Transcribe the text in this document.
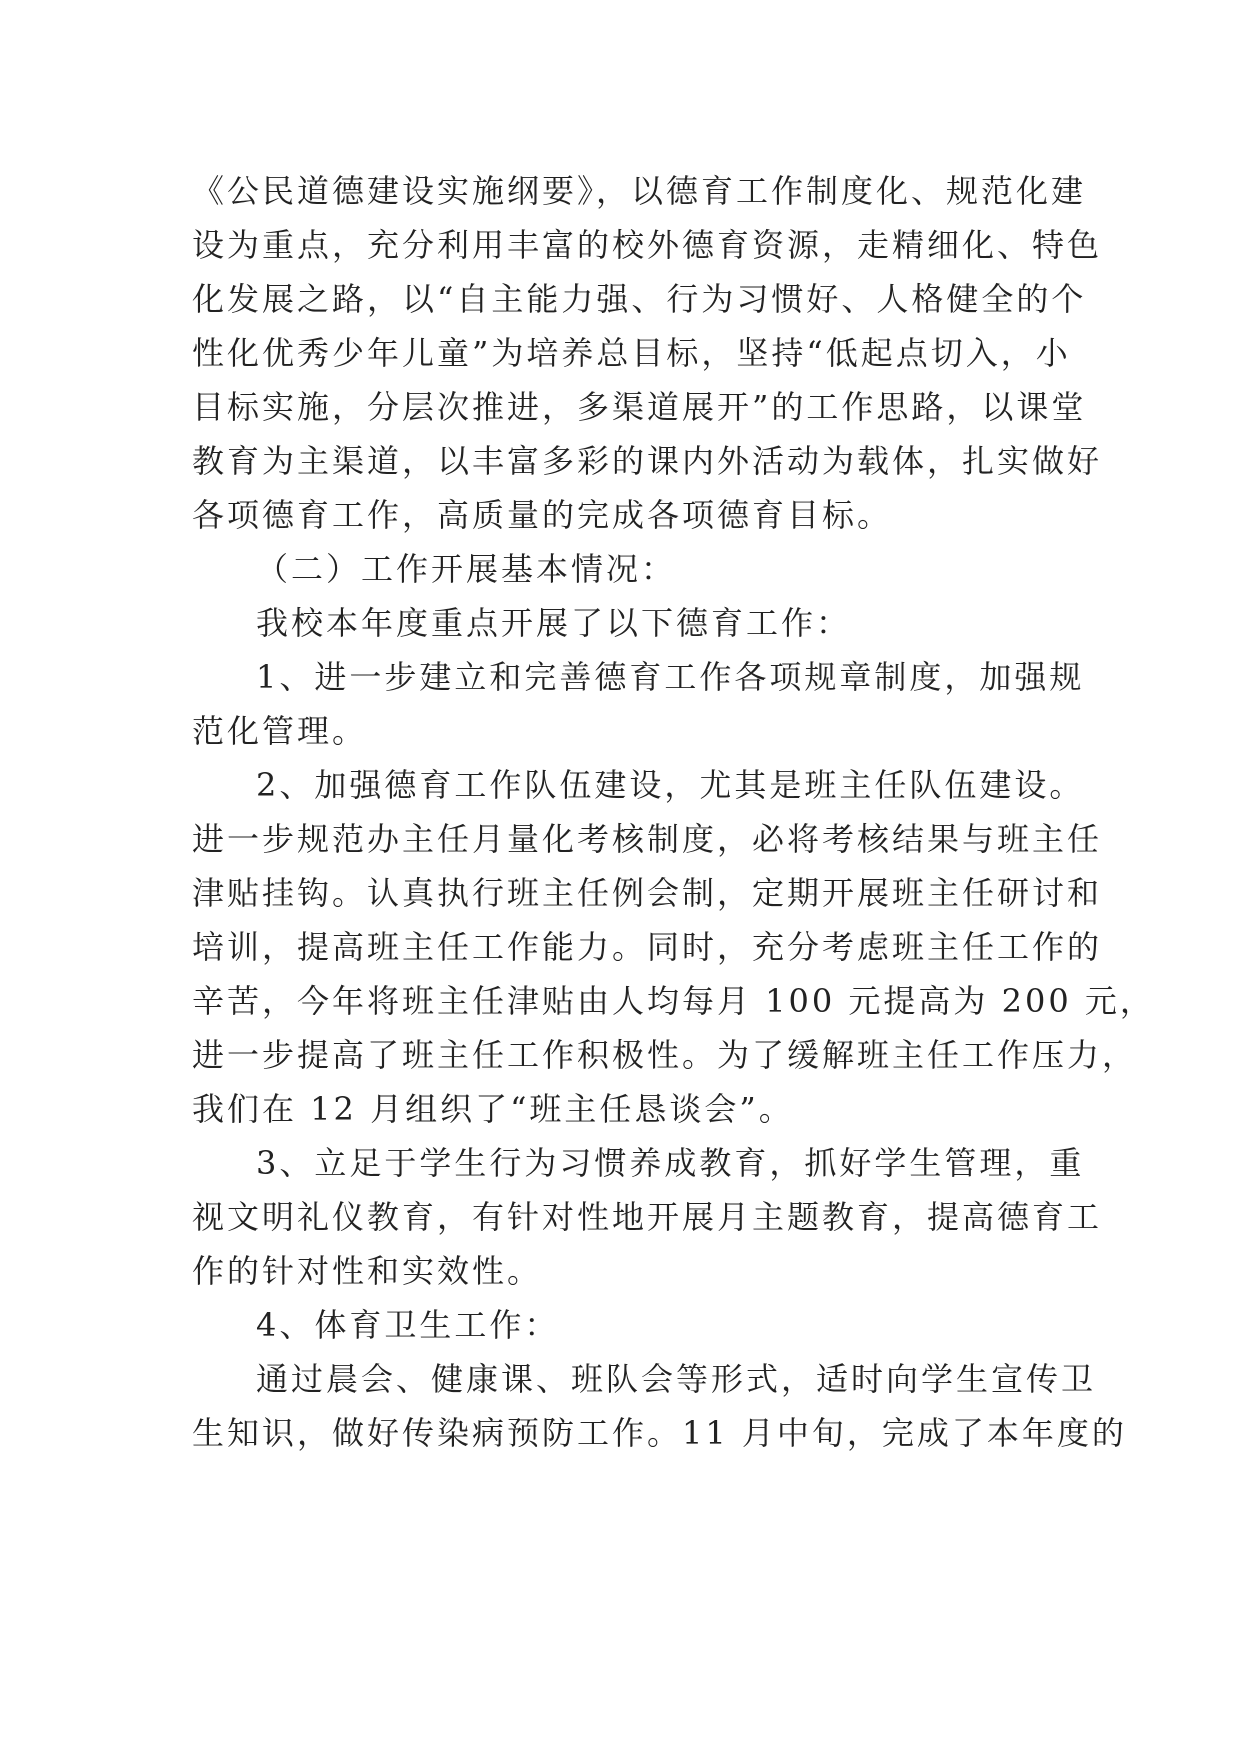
《公民道德建设实施纲要》，以德育工作制度化、规范化建
设为重点，充分利用丰富的校外德育资源，走精细化、特色
化发展之路，以“自主能力强、行为习惯好、人格健全的个
性化优秀少年儿童”为培养总目标，坚持“低起点切入，小
目标实施，分层次推进，多渠道展开”的工作思路，以课堂
教育为主渠道，以丰富多彩的课内外活动为载体，扎实做好
各项德育工作，高质量的完成各项德育目标。
（二）工作开展基本情况：
我校本年度重点开展了以下德育工作：
1、进一步建立和完善德育工作各项规章制度，加强规
范化管理。
2、加强德育工作队伍建设，尤其是班主任队伍建设。
进一步规范办主任月量化考核制度，必将考核结果与班主任
津贴挂钩。认真执行班主任例会制，定期开展班主任研讨和
培训，提高班主任工作能力。同时，充分考虑班主任工作的
辛苦，今年将班主任津贴由人均每月 100 元提高为 200 元，
进一步提高了班主任工作积极性。为了缓解班主任工作压力，
我们在 12 月组织了“班主任恳谈会”。
3、立足于学生行为习惯养成教育，抓好学生管理，重
视文明礼仪教育，有针对性地开展月主题教育，提高德育工
作的针对性和实效性。
4、体育卫生工作：
通过晨会、健康课、班队会等形式，适时向学生宣传卫
生知识，做好传染病预防工作。11 月中旬，完成了本年度的
